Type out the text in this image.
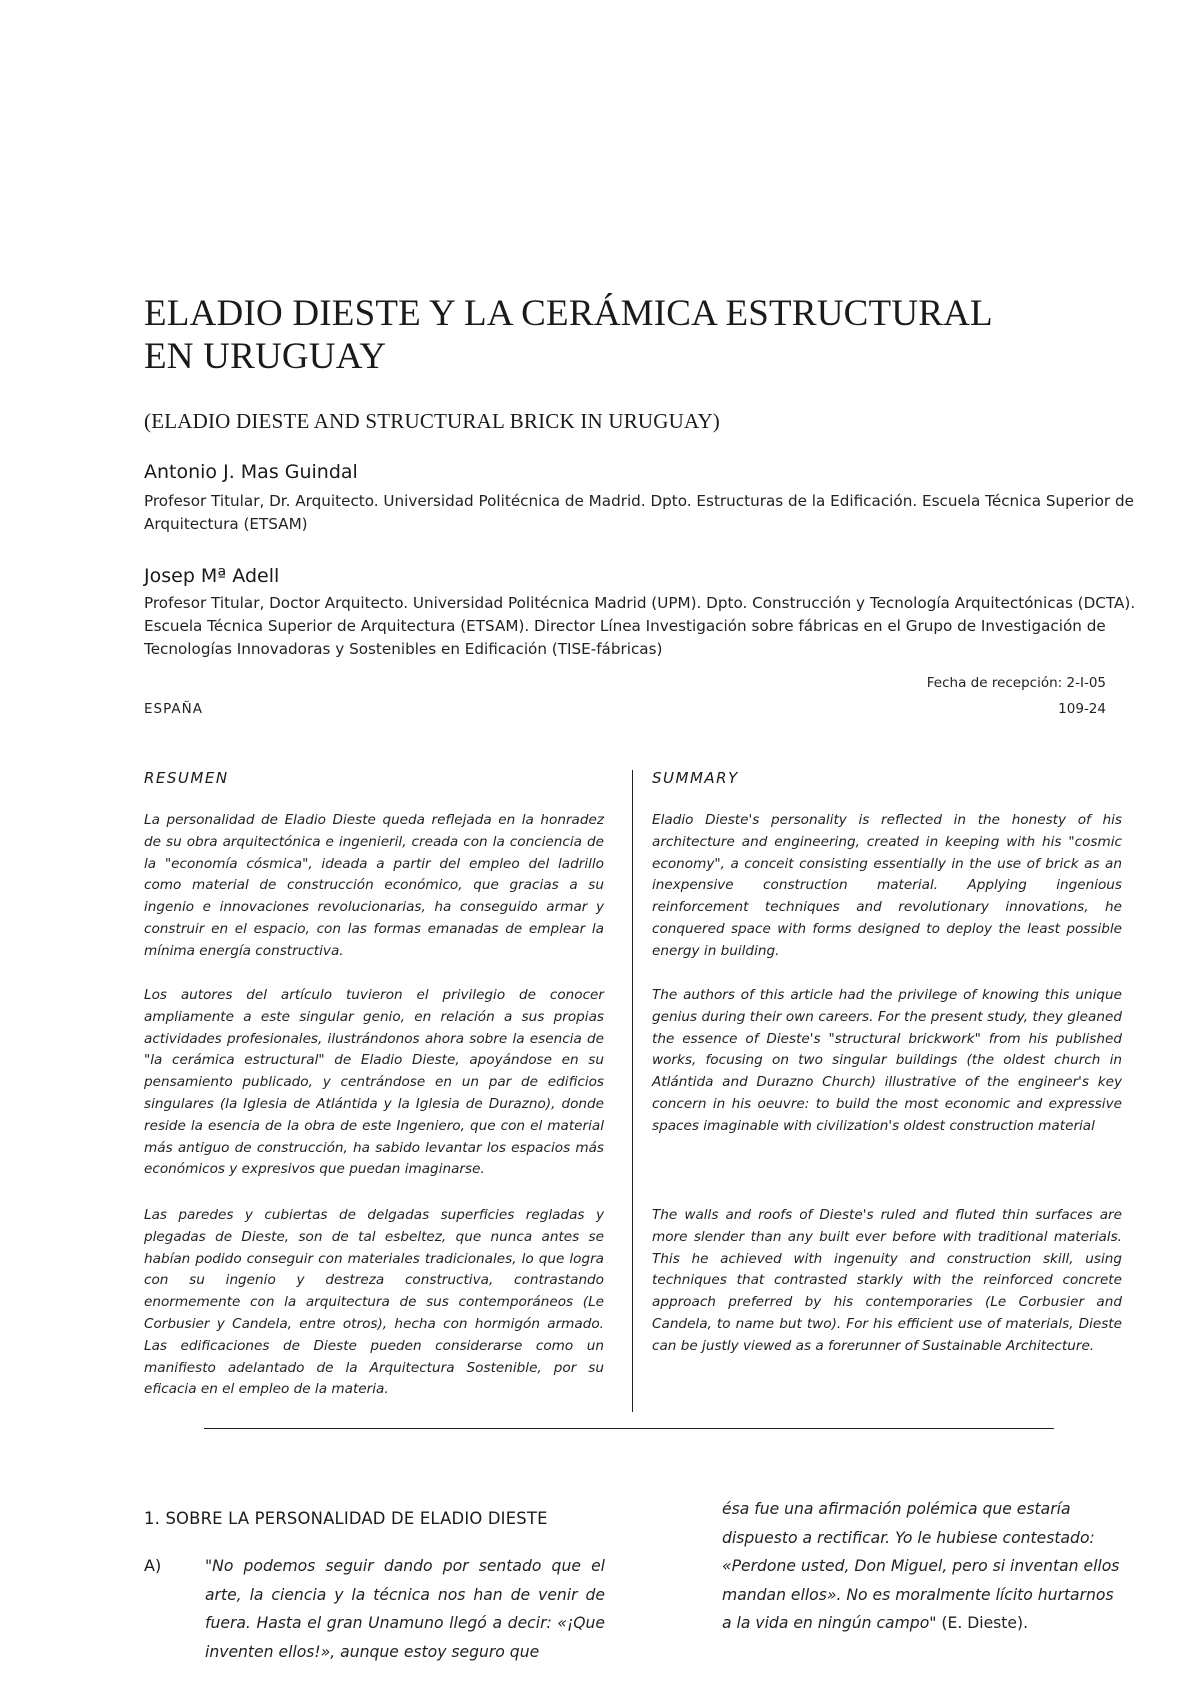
ELADIO DIESTE Y LA CERÁMICA ESTRUCTURAL
EN URUGUAY
(ELADIO DIESTE AND STRUCTURAL BRICK IN URUGUAY)
Antonio J. Mas Guindal
Profesor Titular, Dr. Arquitecto. Universidad Politécnica de Madrid. Dpto. Estructuras de la Edificación. Escuela Técnica Superior de Arquitectura (ETSAM)
Josep Mª Adell
Profesor Titular, Doctor Arquitecto. Universidad Politécnica Madrid (UPM). Dpto. Construcción y Tecnología Arquitectónicas (DCTA). Escuela Técnica Superior de Arquitectura (ETSAM). Director Línea Investigación sobre fábricas en el Grupo de Investigación de Tecnologías Innovadoras y Sostenibles en Edificación (TISE-fábricas)
Fecha de recepción: 2-I-05
ESPAÑA	109-24
RESUMEN

La personalidad de Eladio Dieste queda reflejada en la honradez de su obra arquitectónica e ingenieril, creada con la conciencia de la "economía cósmica", ideada a partir del empleo del ladrillo como material de construcción económico, que gracias a su ingenio e innovaciones revolucionarias, ha conseguido armar y construir en el espacio, con las formas emanadas de emplear la mínima energía constructiva.

Los autores del artículo tuvieron el privilegio de conocer ampliamente a este singular genio, en relación a sus propias actividades profesionales, ilustrándonos ahora sobre la esencia de "la cerámica estructural" de Eladio Dieste, apoyándose en su pensamiento publicado, y centrándose en un par de edificios singulares (la Iglesia de Atlántida y la Iglesia de Durazno), donde reside la esencia de la obra de este Ingeniero, que con el material más antiguo de construcción, ha sabido levantar los espacios más económicos y expresivos que puedan imaginarse.

Las paredes y cubiertas de delgadas superficies regladas y plegadas de Dieste, son de tal esbeltez, que nunca antes se habían podido conseguir con materiales tradicionales, lo que logra con su ingenio y destreza constructiva, contrastando enormemente con la arquitectura de sus contemporáneos (Le Corbusier y Candela, entre otros), hecha con hormigón armado. Las edificaciones de Dieste pueden considerarse como un manifiesto adelantado de la Arquitectura Sostenible, por su eficacia en el empleo de la materia.

SUMMARY

Eladio Dieste's personality is reflected in the honesty of his architecture and engineering, created in keeping with his "cosmic economy", a conceit consisting essentially in the use of brick as an inexpensive construction material. Applying ingenious reinforcement techniques and revolutionary innovations, he conquered space with forms designed to deploy the least possible energy in building.

The authors of this article had the privilege of knowing this unique genius during their own careers. For the present study, they gleaned the essence of Dieste's "structural brickwork" from his published works, focusing on two singular buildings (the oldest church in Atlántida and Durazno Church) illustrative of the engineer's key concern in his oeuvre: to build the most economic and expressive spaces imaginable with civilization's oldest construction material

The walls and roofs of Dieste's ruled and fluted thin surfaces are more slender than any built ever before with traditional materials. This he achieved with ingenuity and construction skill, using techniques that contrasted starkly with the reinforced concrete approach preferred by his contemporaries (Le Corbusier and Candela, to name but two). For his efficient use of materials, Dieste can be justly viewed as a forerunner of Sustainable Architecture.

1. SOBRE LA PERSONALIDAD DE ELADIO DIESTE
A)	"No podemos seguir dando por sentado que el arte, la ciencia y la técnica nos han de venir de fuera. Hasta el gran Unamuno llegó a decir: «¡Que inventen ellos!», aunque estoy seguro que

ésa fue una afirmación polémica que estaría dispuesto a rectificar. Yo le hubiese contestado: «Perdone usted, Don Miguel, pero si inventan ellos mandan ellos». No es moralmente lícito hurtarnos a la vida en ningún campo" (E. Dieste).
